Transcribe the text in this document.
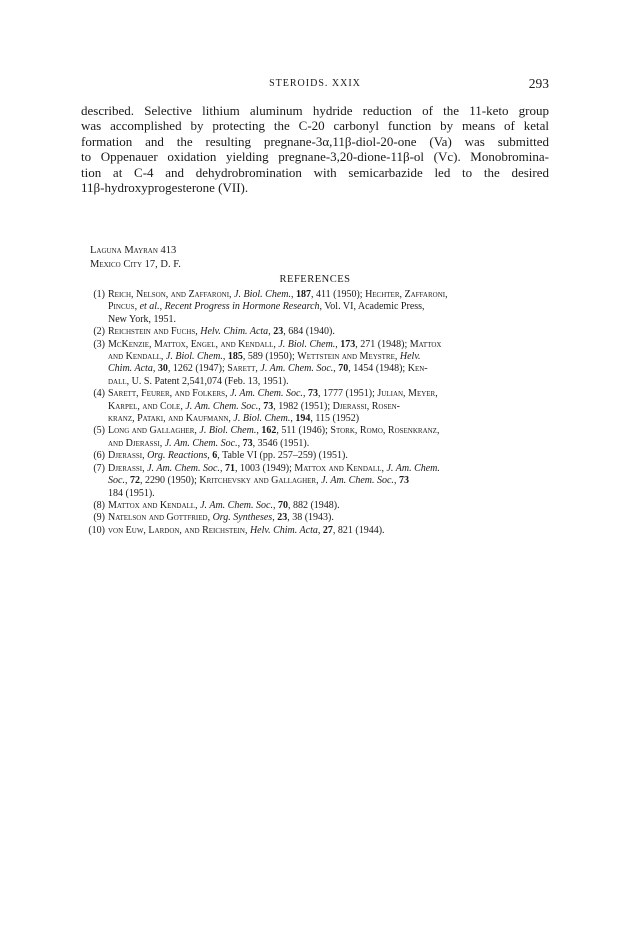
STEROIDS. XXIX	293
described. Selective lithium aluminum hydride reduction of the 11-keto group
was accomplished by protecting the C-20 carbonyl function by means of ketal
formation and the resulting pregnane-3α,11β-diol-20-one (Va) was submitted
to Oppenauer oxidation yielding pregnane-3,20-dione-11β-ol (Vc). Monobromina-
tion at C-4 and dehydrobromination with semicarbazide led to the desired
11β-hydroxyprogesterone (VII).
Laguna Mayran 413
Mexico City 17, D. F.
REFERENCES
(1) Reich, Nelson, and Zaffaroni, J. Biol. Chem., 187, 411 (1950); Hechter, Zaffaroni,
Pincus, et al., Recent Progress in Hormone Research, Vol. VI, Academic Press,
New York, 1951.
(2) Reichstein and Fuchs, Helv. Chim. Acta, 23, 684 (1940).
(3) McKenzie, Mattox, Engel, and Kendall, J. Biol. Chem., 173, 271 (1948); Mattox
and Kendall, J. Biol. Chem., 185, 589 (1950); Wettstein and Meystre, Helv.
Chim. Acta, 30, 1262 (1947); Sarett, J. Am. Chem. Soc., 70, 1454 (1948); Ken-
dall, U. S. Patent 2,541,074 (Feb. 13, 1951).
(4) Sarett, Feurer, and Folkers, J. Am. Chem. Soc., 73, 1777 (1951); Julian, Meyer,
Karpel, and Cole, J. Am. Chem. Soc., 73, 1982 (1951); Djerassi, Rosen-
kranz, Pataki, and Kaufmann, J. Biol. Chem., 194, 115 (1952)
(5) Long and Gallagher, J. Biol. Chem., 162, 511 (1946); Stork, Romo, Rosenkranz,
and Djerassi, J. Am. Chem. Soc., 73, 3546 (1951).
(6) Djerassi, Org. Reactions, 6, Table VI (pp. 257–259) (1951).
(7) Djerassi, J. Am. Chem. Soc., 71, 1003 (1949); Mattox and Kendall, J. Am. Chem.
Soc., 72, 2290 (1950); Kritchevsky and Gallagher, J. Am. Chem. Soc., 73
184 (1951).
(8) Mattox and Kendall, J. Am. Chem. Soc., 70, 882 (1948).
(9) Natelson and Gottfried, Org. Syntheses, 23, 38 (1943).
(10) von Euw, Lardon, and Reichstein, Helv. Chim. Acta, 27, 821 (1944).
